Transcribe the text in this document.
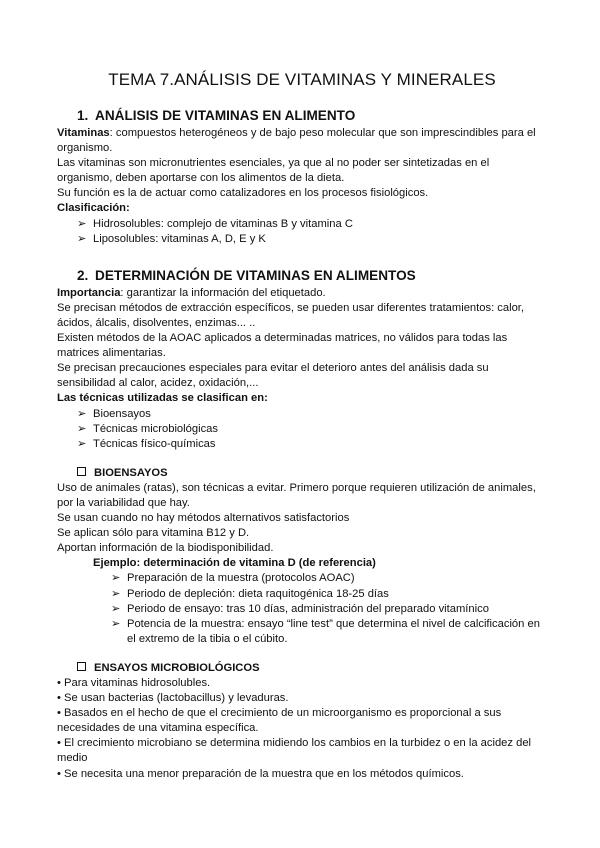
TEMA 7.ANÁLISIS DE VITAMINAS Y MINERALES
1. ANÁLISIS DE VITAMINAS EN ALIMENTO

Vitaminas: compuestos heterogéneos y de bajo peso molecular que son imprescindibles para el organismo.

Las vitaminas son micronutrientes esenciales, ya que al no poder ser sintetizadas en el organismo, deben aportarse con los alimentos de la dieta.

Su función es la de actuar como catalizadores en los procesos fisiológicos.

Clasificación:

➢ Hidrosolubles: complejo de vitaminas B y vitamina C
➢ Liposolubles: vitaminas A, D, E y K
2. DETERMINACIÓN DE VITAMINAS EN ALIMENTOS

Importancia: garantizar la información del etiquetado.

Se precisan métodos de extracción específicos, se pueden usar diferentes tratamientos: calor, ácidos, álcalis, disolventes, enzimas... ..

Existen métodos de la AOAC aplicados a determinadas matrices, no válidos para todas las matrices alimentarias.

Se precisan precauciones especiales para evitar el deterioro antes del análisis dada su sensibilidad al calor, acidez, oxidación,...

Las técnicas utilizadas se clasifican en:

➢ Bioensayos
➢ Técnicas microbiológicas
➢ Técnicas físico-químicas
BIOENSAYOS

Uso de animales (ratas), son técnicas a evitar. Primero porque requieren utilización de animales, por la variabilidad que hay.

Se usan cuando no hay métodos alternativos satisfactorios

Se aplican sólo para vitamina B12 y D.

Aportan información de la biodisponibilidad.

Ejemplo: determinación de vitamina D (de referencia)

➢ Preparación de la muestra (protocolos AOAC)
➢ Periodo de depleción: dieta raquitogénica 18-25 días
➢ Periodo de ensayo: tras 10 días, administración del preparado vitamínico
➢ Potencia de la muestra: ensayo “line test” que determina el nivel de calcificación en el extremo de la tibia o el cúbito.
ENSAYOS MICROBIOLÓGICOS

• Para vitaminas hidrosolubles.

• Se usan bacterias (lactobacillus) y levaduras.

• Basados en el hecho de que el crecimiento de un microorganismo es proporcional a sus necesidades de una vitamina específica.

• El crecimiento microbiano se determina midiendo los cambios en la turbidez o en la acidez del medio

• Se necesita una menor preparación de la muestra que en los métodos químicos.
